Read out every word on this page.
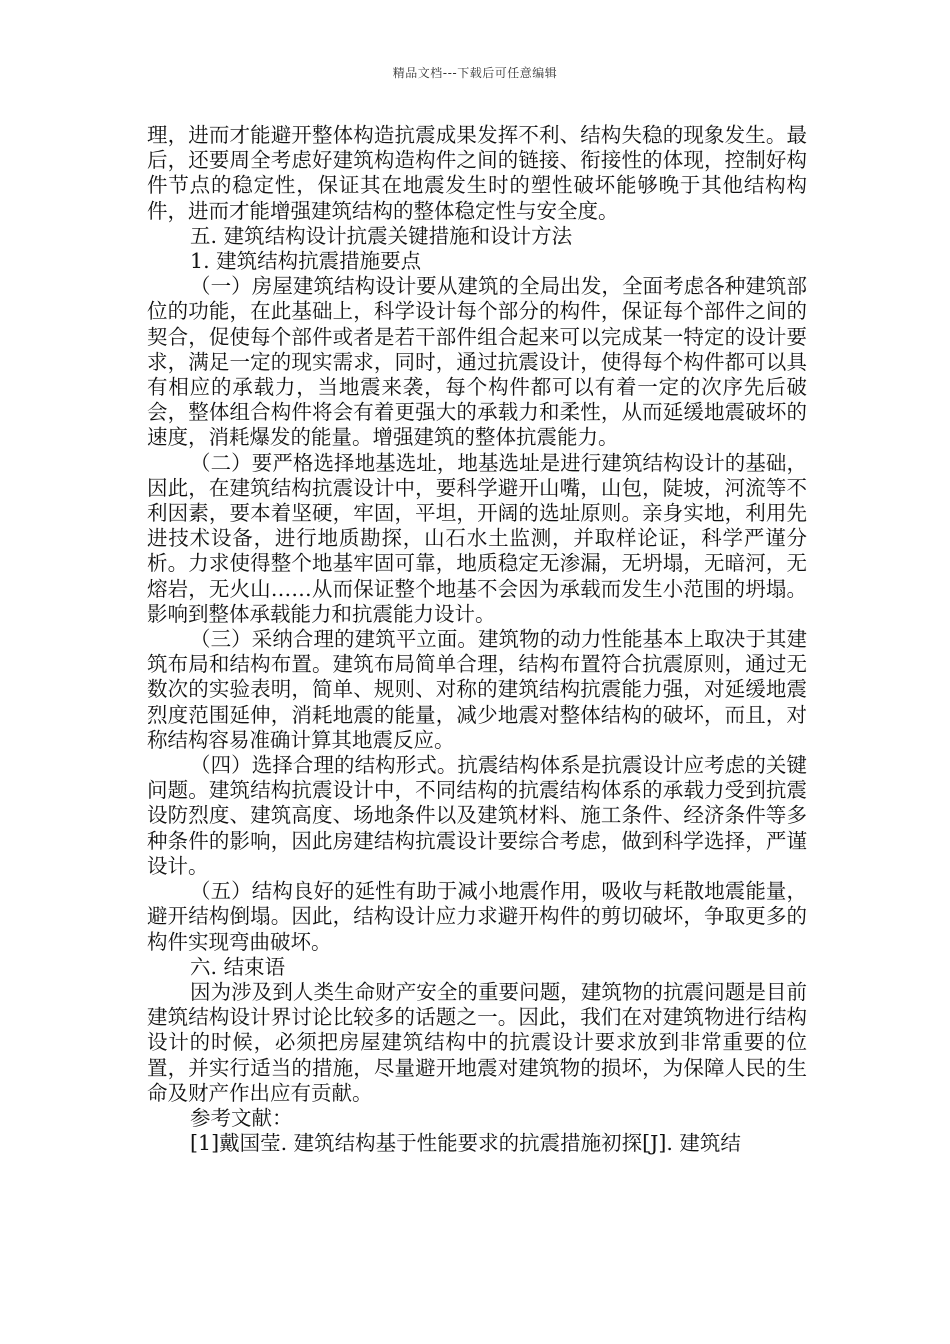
精品文档---下载后可任意编辑

理，进而才能避开整体构造抗震成果发挥不利、结构失稳的现象发生。最后，还要周全考虑好建筑构造构件之间的链接、衔接性的体现，控制好构件节点的稳定性，保证其在地震发生时的塑性破坏能够晚于其他结构构件，进而才能增强建筑结构的整体稳定性与安全度。

五. 建筑结构设计抗震关键措施和设计方法

1. 建筑结构抗震措施要点

（一）房屋建筑结构设计要从建筑的全局出发，全面考虑各种建筑部位的功能，在此基础上，科学设计每个部分的构件，保证每个部件之间的契合，促使每个部件或者是若干部件组合起来可以完成某一特定的设计要求，满足一定的现实需求，同时，通过抗震设计，使得每个构件都可以具有相应的承载力，当地震来袭，每个构件都可以有着一定的次序先后破会，整体组合构件将会有着更强大的承载力和柔性，从而延缓地震破坏的速度，消耗爆发的能量。增强建筑的整体抗震能力。

（二）要严格选择地基选址，地基选址是进行建筑结构设计的基础，因此，在建筑结构抗震设计中，要科学避开山嘴，山包，陡坡，河流等不利因素，要本着坚硬，牢固，平坦，开阔的选址原则。亲身实地，利用先进技术设备，进行地质勘探，山石水土监测，并取样论证，科学严谨分析。力求使得整个地基牢固可靠，地质稳定无渗漏，无坍塌，无暗河，无熔岩，无火山……从而保证整个地基不会因为承载而发生小范围的坍塌。影响到整体承载能力和抗震能力设计。

（三）采纳合理的建筑平立面。建筑物的动力性能基本上取决于其建筑布局和结构布置。建筑布局简单合理，结构布置符合抗震原则，通过无数次的实验表明，简单、规则、对称的建筑结构抗震能力强，对延缓地震烈度范围延伸，消耗地震的能量，减少地震对整体结构的破坏，而且，对称结构容易准确计算其地震反应。

（四）选择合理的结构形式。抗震结构体系是抗震设计应考虑的关键问题。建筑结构抗震设计中，不同结构的抗震结构体系的承载力受到抗震设防烈度、建筑高度、场地条件以及建筑材料、施工条件、经济条件等多种条件的影响，因此房建结构抗震设计要综合考虑，做到科学选择，严谨设计。

（五）结构良好的延性有助于减小地震作用，吸收与耗散地震能量，避开结构倒塌。因此，结构设计应力求避开构件的剪切破坏，争取更多的构件实现弯曲破坏。

六. 结束语

因为涉及到人类生命财产安全的重要问题，建筑物的抗震问题是目前建筑结构设计界讨论比较多的话题之一。因此，我们在对建筑物进行结构设计的时候，必须把房屋建筑结构中的抗震设计要求放到非常重要的位置，并实行适当的措施，尽量避开地震对建筑物的损坏，为保障人民的生命及财产作出应有贡献。

参考文献：

[1]戴国莹. 建筑结构基于性能要求的抗震措施初探[J]. 建筑结
